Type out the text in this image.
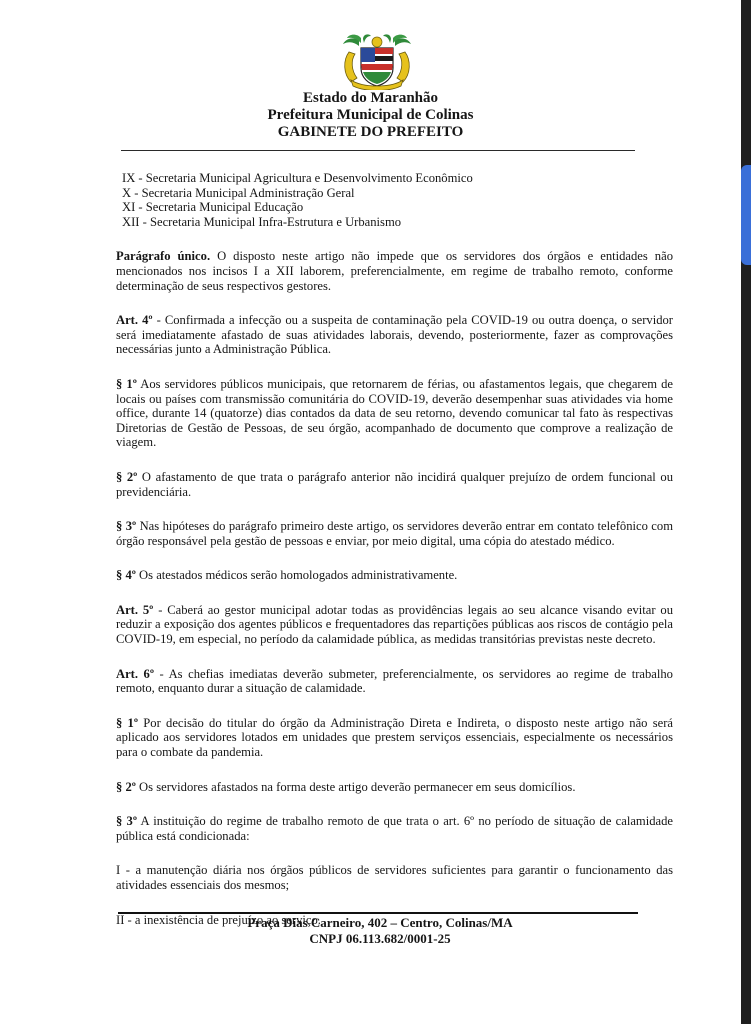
Estado do Maranhão
Prefeitura Municipal de Colinas
GABINETE DO PREFEITO
IX - Secretaria Municipal Agricultura e Desenvolvimento Econômico
X - Secretaria Municipal Administração Geral
XI - Secretaria Municipal Educação
XII - Secretaria Municipal Infra-Estrutura e Urbanismo

Parágrafo único. O disposto neste artigo não impede que os servidores dos órgãos e entidades não mencionados nos incisos I a XII laborem, preferencialmente, em regime de trabalho remoto, conforme determinação de seus respectivos gestores.

Art. 4º - Confirmada a infecção ou a suspeita de contaminação pela COVID-19 ou outra doença, o servidor será imediatamente afastado de suas atividades laborais, devendo, posteriormente, fazer as comprovações necessárias junto a Administração Pública.

§ 1º Aos servidores públicos municipais, que retornarem de férias, ou afastamentos legais, que chegarem de locais ou países com transmissão comunitária do COVID-19, deverão desempenhar suas atividades via home office, durante 14 (quatorze) dias contados da data de seu retorno, devendo comunicar tal fato às respectivas Diretorias de Gestão de Pessoas, de seu órgão, acompanhado de documento que comprove a realização de viagem.

§ 2º O afastamento de que trata o parágrafo anterior não incidirá qualquer prejuízo de ordem funcional ou previdenciária.

§ 3º Nas hipóteses do parágrafo primeiro deste artigo, os servidores deverão entrar em contato telefônico com órgão responsável pela gestão de pessoas e enviar, por meio digital, uma cópia do atestado médico.

§ 4º Os atestados médicos serão homologados administrativamente.

Art. 5º - Caberá ao gestor municipal adotar todas as providências legais ao seu alcance visando evitar ou reduzir a exposição dos agentes públicos e frequentadores das repartições públicas aos riscos de contágio pela COVID-19, em especial, no período da calamidade pública, as medidas transitórias previstas neste decreto.

Art. 6º - As chefias imediatas deverão submeter, preferencialmente, os servidores ao regime de trabalho remoto, enquanto durar a situação de calamidade.

§ 1º Por decisão do titular do órgão da Administração Direta e Indireta, o disposto neste artigo não será aplicado aos servidores lotados em unidades que prestem serviços essenciais, especialmente os necessários para o combate da pandemia.

§ 2º Os servidores afastados na forma deste artigo deverão permanecer em seus domicílios.

§ 3º A instituição do regime de trabalho remoto de que trata o art. 6º no período de situação de calamidade pública está condicionada:

I - a manutenção diária nos órgãos públicos de servidores suficientes para garantir o funcionamento das atividades essenciais dos mesmos;

II - a inexistência de prejuízo ao serviço.

Praça Dias Carneiro, 402 – Centro, Colinas/MA
CNPJ 06.113.682/0001-25
